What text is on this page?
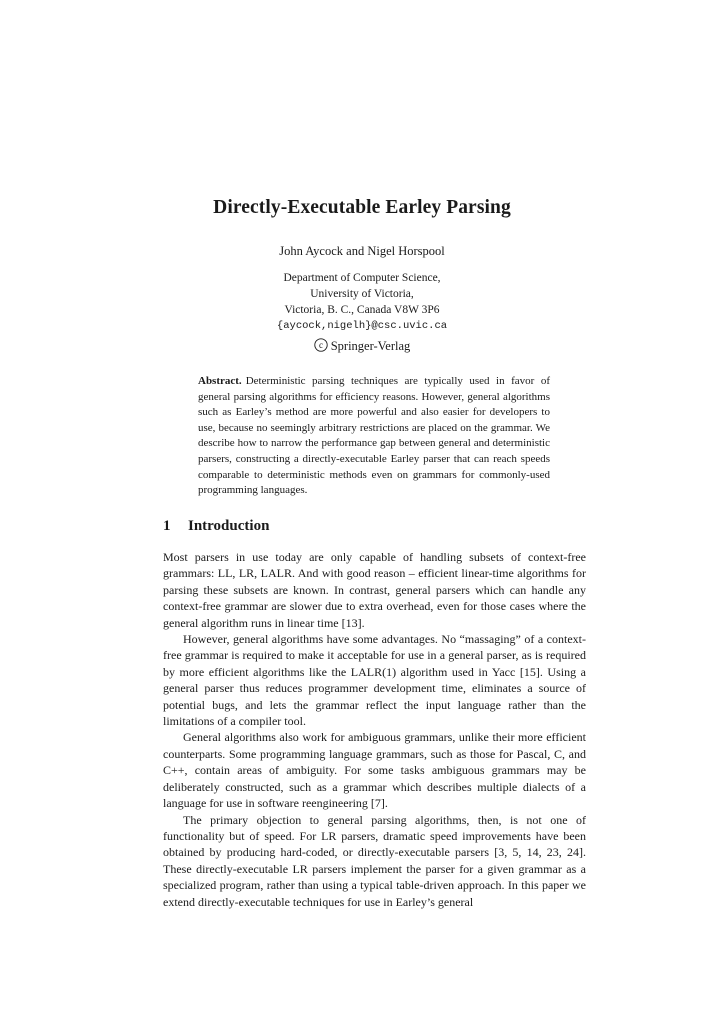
Directly-Executable Earley Parsing
John Aycock and Nigel Horspool
Department of Computer Science,
University of Victoria,
Victoria, B. C., Canada V8W 3P6
{aycock,nigelh}@csc.uvic.ca
c Springer-Verlag
Abstract. Deterministic parsing techniques are typically used in favor of general parsing algorithms for efficiency reasons. However, general algorithms such as Earley’s method are more powerful and also easier for developers to use, because no seemingly arbitrary restrictions are placed on the grammar. We describe how to narrow the performance gap between general and deterministic parsers, constructing a directly-executable Earley parser that can reach speeds comparable to deterministic methods even on grammars for commonly-used programming languages.
1 Introduction

Most parsers in use today are only capable of handling subsets of context-free grammars: LL, LR, LALR. And with good reason – efficient linear-time algorithms for parsing these subsets are known. In contrast, general parsers which can handle any context-free grammar are slower due to extra overhead, even for those cases where the general algorithm runs in linear time [13].

However, general algorithms have some advantages. No “massaging” of a context-free grammar is required to make it acceptable for use in a general parser, as is required by more efficient algorithms like the LALR(1) algorithm used in Yacc [15]. Using a general parser thus reduces programmer development time, eliminates a source of potential bugs, and lets the grammar reflect the input language rather than the limitations of a compiler tool.

General algorithms also work for ambiguous grammars, unlike their more efficient counterparts. Some programming language grammars, such as those for Pascal, C, and C++, contain areas of ambiguity. For some tasks ambiguous grammars may be deliberately constructed, such as a grammar which describes multiple dialects of a language for use in software reengineering [7].

The primary objection to general parsing algorithms, then, is not one of functionality but of speed. For LR parsers, dramatic speed improvements have been obtained by producing hard-coded, or directly-executable parsers [3, 5, 14, 23, 24]. These directly-executable LR parsers implement the parser for a given grammar as a specialized program, rather than using a typical table-driven approach. In this paper we extend directly-executable techniques for use in Earley’s general
